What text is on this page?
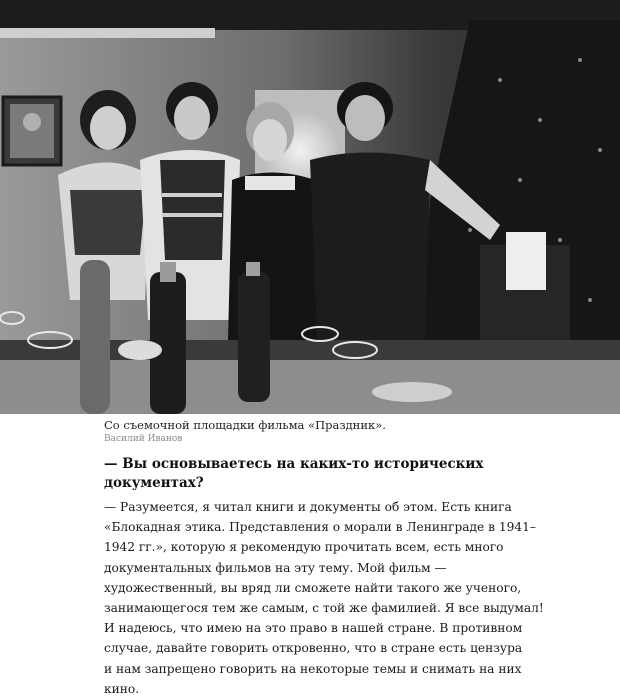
Со съемочной площадки фильма «Праздник».
Василий Иванов
— Вы основываетесь на каких-то исторических документах?
— Разумеется, я читал книги и документы об этом. Есть книга
«Блокадная этика. Представления о морали в Ленинграде в 1941–
1942 гг.», которую я рекомендую прочитать всем, есть много
документальных фильмов на эту тему. Мой фильм —
художественный, вы вряд ли сможете найти такого же ученого,
занимающегося тем же самым, с той же фамилией. Я все выдумал!
И надеюсь, что имею на это право в нашей стране. В противном
случае, давайте говорить откровенно, что в стране есть цензура
и нам запрещено говорить на некоторые темы и снимать на них
кино.
